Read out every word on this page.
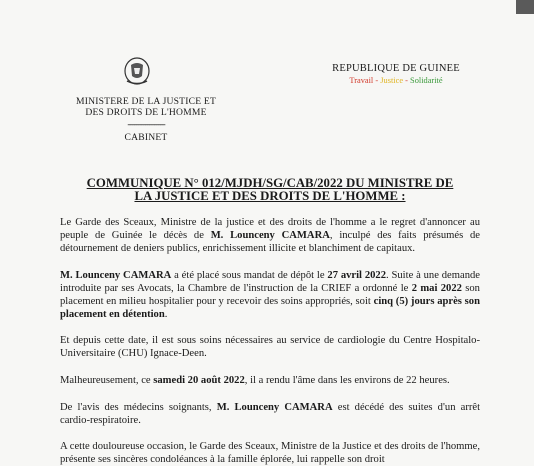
MINISTERE DE LA JUSTICE ET
DES DROITS DE L'HOMME
-----------------
CABINET
REPUBLIQUE DE GUINEE
Travail - Justice - Solidarité
COMMUNIQUE N° 012/MJDH/SG/CAB/2022 DU MINISTRE DE
LA JUSTICE ET DES DROITS DE L'HOMME :
Le Garde des Sceaux, Ministre de la justice et des droits de l'homme a le regret d'annoncer au peuple de Guinée le décès de M. Lounceny CAMARA, inculpé des faits présumés de détournement de deniers publics, enrichissement illicite et blanchiment de capitaux.
M. Lounceny CAMARA a été placé sous mandat de dépôt le 27 avril 2022. Suite à une demande introduite par ses Avocats, la Chambre de l'instruction de la CRIEF a ordonné le 2 mai 2022 son placement en milieu hospitalier pour y recevoir des soins appropriés, soit cinq (5) jours après son placement en détention.
Et depuis cette date, il est sous soins nécessaires au service de cardiologie du Centre Hospitalo-Universitaire (CHU) Ignace-Deen.
Malheureusement, ce samedi 20 août 2022, il a rendu l'âme dans les environs de 22 heures.
De l'avis des médecins soignants, M. Lounceny CAMARA est décédé des suites d'un arrêt cardio-respiratoire.
A cette douloureuse occasion, le Garde des Sceaux, Ministre de la Justice et des droits de l'homme, présente ses sincères condoléances à la famille éplorée, lui rappelle son droit
